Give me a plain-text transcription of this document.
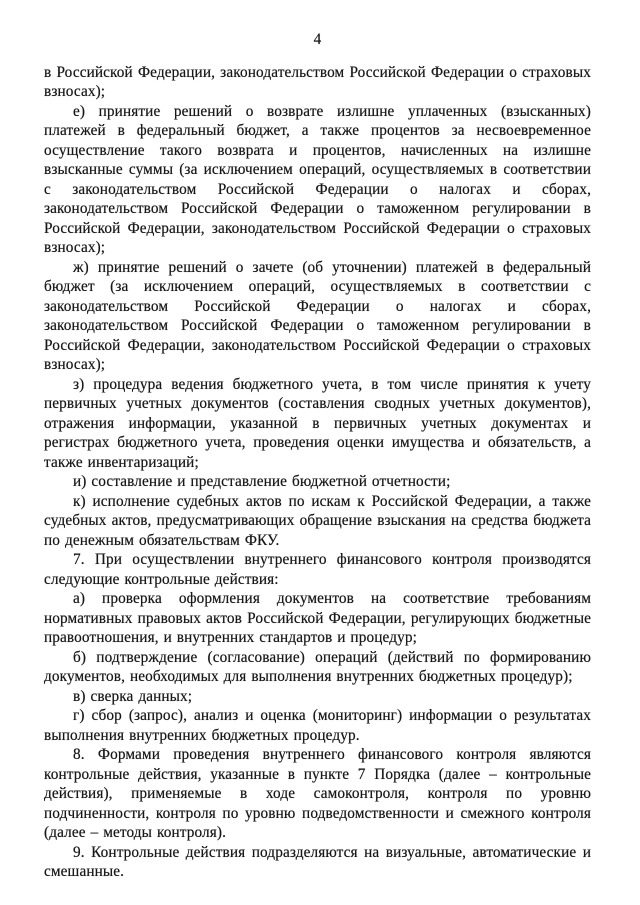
4

в Российской Федерации, законодательством Российской Федерации о страховых взносах);

е) принятие решений о возврате излишне уплаченных (взысканных) платежей в федеральный бюджет, а также процентов за несвоевременное осуществление такого возврата и процентов, начисленных на излишне взысканные суммы (за исключением операций, осуществляемых в соответствии с законодательством Российской Федерации о налогах и сборах, законодательством Российской Федерации о таможенном регулировании в Российской Федерации, законодательством Российской Федерации о страховых взносах);

ж) принятие решений о зачете (об уточнении) платежей в федеральный бюджет (за исключением операций, осуществляемых в соответствии с законодательством Российской Федерации о налогах и сборах, законодательством Российской Федерации о таможенном регулировании в Российской Федерации, законодательством Российской Федерации о страховых взносах);

з) процедура ведения бюджетного учета, в том числе принятия к учету первичных учетных документов (составления сводных учетных документов), отражения информации, указанной в первичных учетных документах и регистрах бюджетного учета, проведения оценки имущества и обязательств, а также инвентаризаций;

и) составление и представление бюджетной отчетности;

к) исполнение судебных актов по искам к Российской Федерации, а также судебных актов, предусматривающих обращение взыскания на средства бюджета по денежным обязательствам ФКУ.

7. При осуществлении внутреннего финансового контроля производятся следующие контрольные действия:

а) проверка оформления документов на соответствие требованиям нормативных правовых актов Российской Федерации, регулирующих бюджетные правоотношения, и внутренних стандартов и процедур;

б) подтверждение (согласование) операций (действий по формированию документов, необходимых для выполнения внутренних бюджетных процедур);

в) сверка данных;

г) сбор (запрос), анализ и оценка (мониторинг) информации о результатах выполнения внутренних бюджетных процедур.

8. Формами проведения внутреннего финансового контроля являются контрольные действия, указанные в пункте 7 Порядка (далее – контрольные действия), применяемые в ходе самоконтроля, контроля по уровню подчиненности, контроля по уровню подведомственности и смежного контроля (далее – методы контроля).

9. Контрольные действия подразделяются на визуальные, автоматические и смешанные.
